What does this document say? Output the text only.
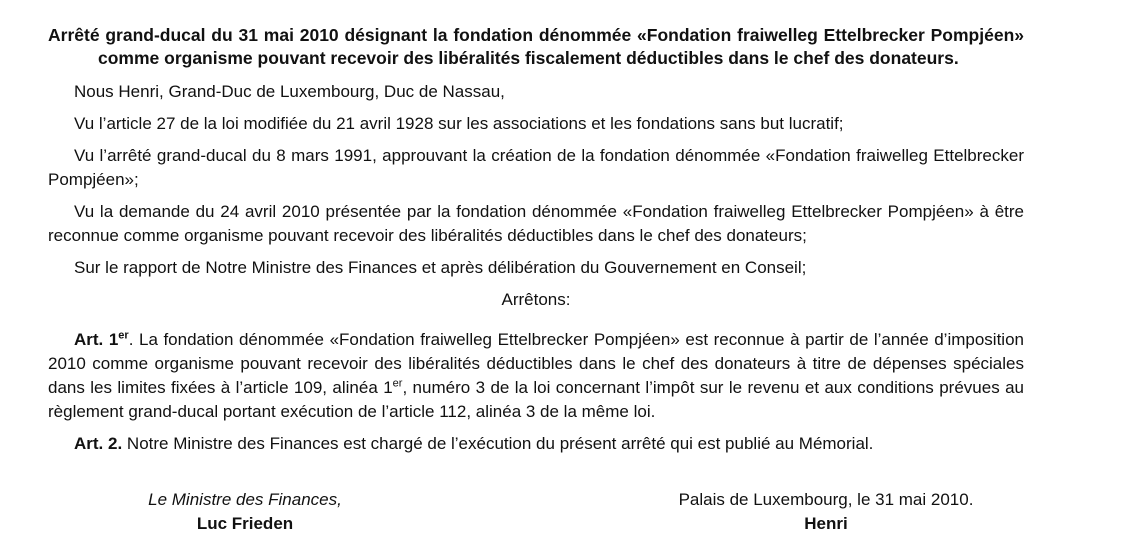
Arrêté grand-ducal du 31 mai 2010 désignant la fondation dénommée «Fondation fraiwelleg Ettelbrecker Pompjéen» comme organisme pouvant recevoir des libéralités fiscalement déductibles dans le chef des donateurs.

Nous Henri, Grand-Duc de Luxembourg, Duc de Nassau,

Vu l’article 27 de la loi modifiée du 21 avril 1928 sur les associations et les fondations sans but lucratif;

Vu l’arrêté grand-ducal du 8 mars 1991, approuvant la création de la fondation dénommée «Fondation fraiwelleg Ettelbrecker Pompjéen»;

Vu la demande du 24 avril 2010 présentée par la fondation dénommée «Fondation fraiwelleg Ettelbrecker Pompjéen» à être reconnue comme organisme pouvant recevoir des libéralités déductibles dans le chef des donateurs;

Sur le rapport de Notre Ministre des Finances et après délibération du Gouvernement en Conseil;

Arrêtons:

Art. 1er. La fondation dénommée «Fondation fraiwelleg Ettelbrecker Pompjéen» est reconnue à partir de l’année d’imposition 2010 comme organisme pouvant recevoir des libéralités déductibles dans le chef des donateurs à titre de dépenses spéciales dans les limites fixées à l’article 109, alinéa 1er, numéro 3 de la loi concernant l’impôt sur le revenu et aux conditions prévues au règlement grand-ducal portant exécution de l’article 112, alinéa 3 de la même loi.

Art. 2. Notre Ministre des Finances est chargé de l’exécution du présent arrêté qui est publié au Mémorial.

Le Ministre des Finances,
Luc Frieden
Palais de Luxembourg, le 31 mai 2010.
Henri
